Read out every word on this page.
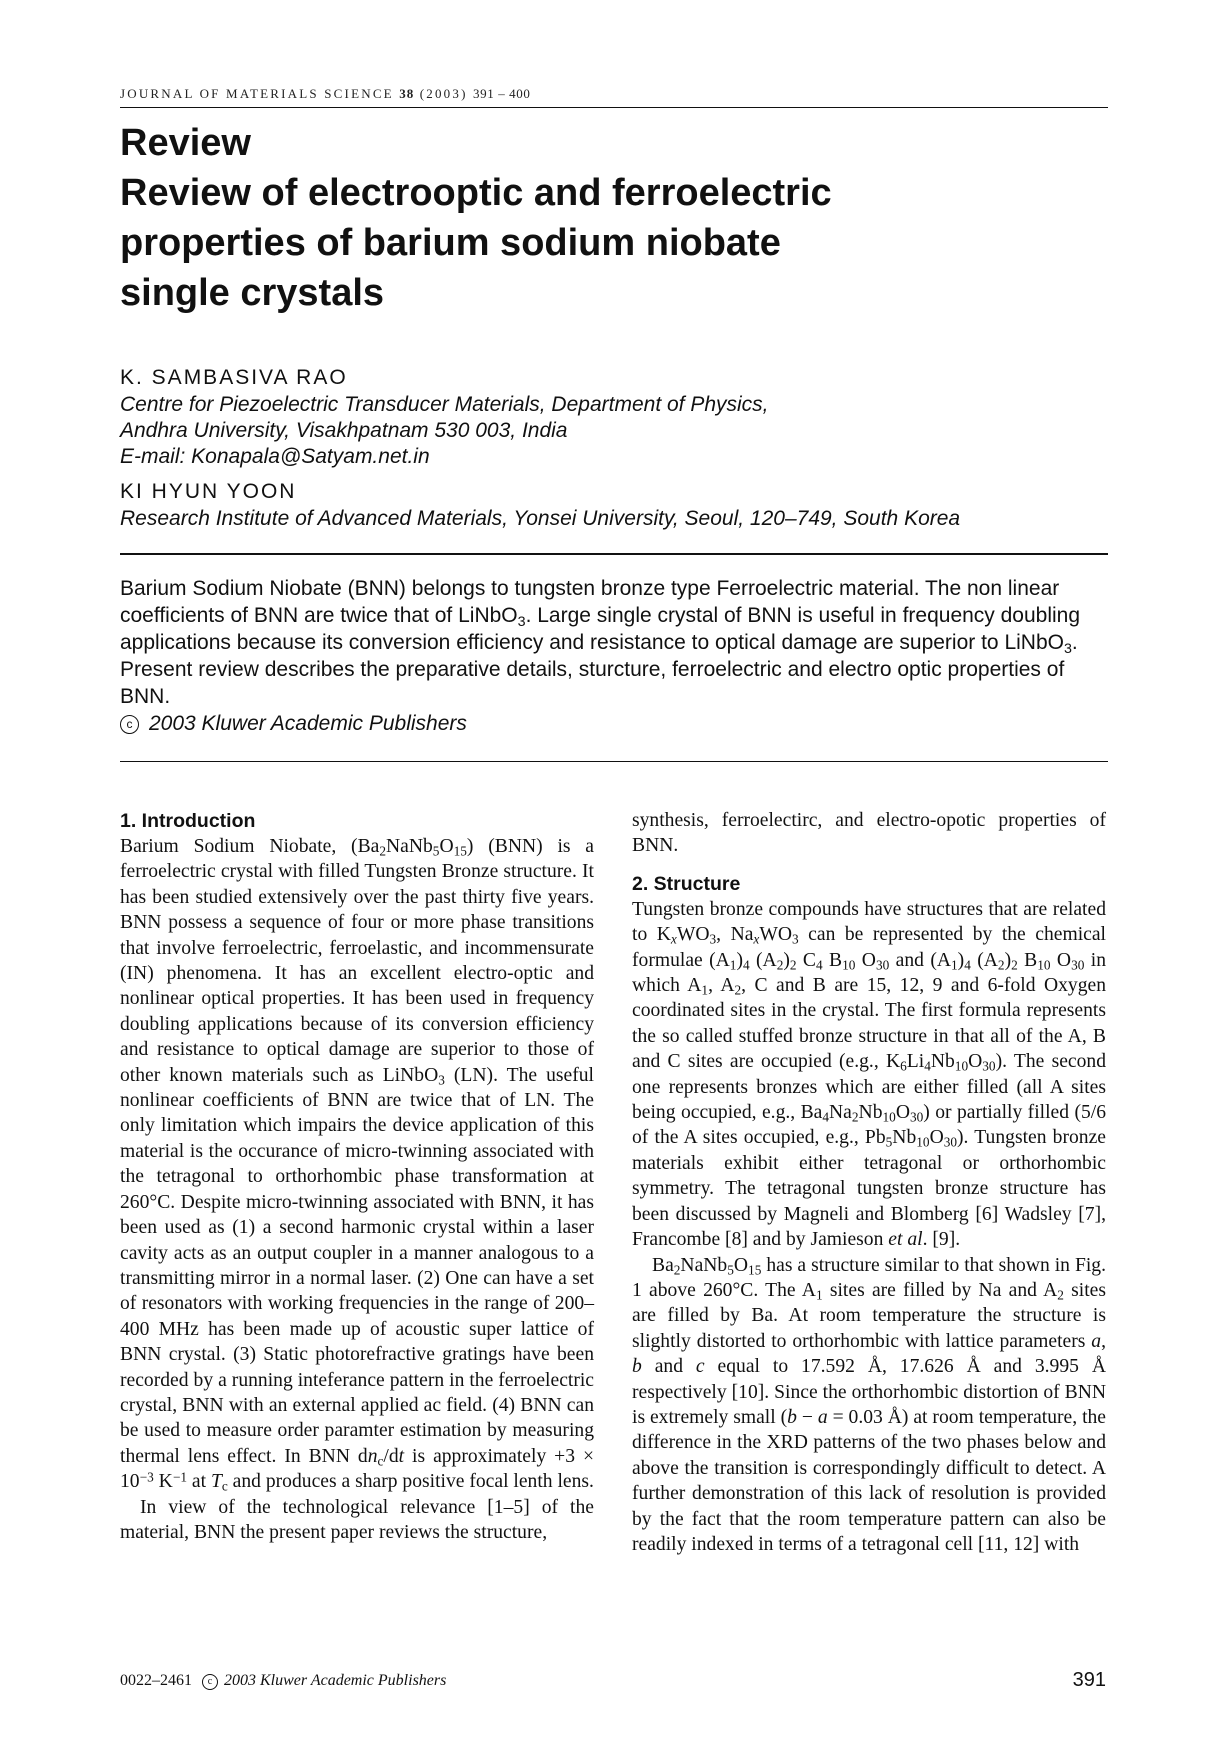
JOURNAL OF MATERIALS SCIENCE 38 (2003) 391 – 400
Review
Review of electrooptic and ferroelectric
properties of barium sodium niobate
single crystals
K. SAMBASIVA RAO
Centre for Piezoelectric Transducer Materials, Department of Physics,
Andhra University, Visakhpatnam 530 003, India
E-mail: Konapala@Satyam.net.in
KI HYUN YOON
Research Institute of Advanced Materials, Yonsei University, Seoul, 120–749, South Korea

Barium Sodium Niobate (BNN) belongs to tungsten bronze type Ferroelectric material. The non linear coefficients of BNN are twice that of LiNbO$_3$. Large single crystal of BNN is useful in frequency doubling applications because its conversion efficiency and resistance to optical damage are superior to LiNbO$_3$. Present review describes the preparative details, sturcture, ferroelectric and electro optic properties of BNN.

c 2003 Kluwer Academic Publishers

1. Introduction

Barium Sodium Niobate, $(Ba_2NaNb_5O_{15})$ (BNN) is a ferroelectric crystal with filled Tungsten Bronze structure. It has been studied extensively over the past thirty five years. BNN possess a sequence of four or more phase transitions that involve ferroelectric, ferroelastic, and incommensurate (IN) phenomena. It has an excellent electro-optic and nonlinear optical properties. It has been used in frequency doubling applications because of its conversion efficiency and resistance to optical damage are superior to those of other known materials such as LiNbO$_3$ (LN). The useful nonlinear coefficients of BNN are twice that of LN. The only limitation which impairs the device application of this material is the occurance of micro-twinning associated with the tetragonal to orthorhombic phase transformation at 260°C. Despite micro-twinning associated with BNN, it has been used as (1) a second harmonic crystal within a laser cavity acts as an output coupler in a manner analogous to a transmitting mirror in a normal laser. (2) One can have a set of resonators with working frequencies in the range of 200–400 MHz has been made up of acoustic super lattice of BNN crystal. (3) Static photorefractive gratings have been recorded by a running inteferance pattern in the ferroelectric crystal, BNN with an external applied ac field. (4) BNN can be used to measure order paramter estimation by measuring thermal lens effect. In BNN $dn_c/dt$ is approximately $+3 \times 10^{-3}$ $K^{-1}$ at $T_c$ and produces a sharp positive focal lenth lens.

In view of the technological relevance [1–5] of the material, BNN the present paper reviews the structure,

synthesis, ferroelectirc, and electro-opotic properties of BNN.

2. Structure

Tungsten bronze compounds have structures that are related to $K_xWO_3$, $Na_xWO_3$ can be represented by the chemical formulae $(A_1)_4$ $(A_2)_2$ $C_4$ $B_{10}$ $O_{30}$ and $(A_1)_4$ $(A_2)_2$ $B_{10}$ $O_{30}$ in which $A_1$, $A_2$, C and B are 15, 12, 9 and 6-fold Oxygen coordinated sites in the crystal. The first formula represents the so called stuffed bronze structure in that all of the A, B and C sites are occupied (e.g., $K_6Li_4Nb_{10}O_{30}$). The second one represents bronzes which are either filled (all A sites being occupied, e.g., $Ba_4Na_2Nb_{10}O_{30}$) or partially filled (5/6 of the A sites occupied, e.g., $Pb_5Nb_{10}O_{30}$). Tungsten bronze materials exhibit either tetragonal or orthorhombic symmetry. The tetragonal tungsten bronze structure has been discussed by Magneli and Blomberg [6] Wadsley [7], Francombe [8] and by Jamieson et al. [9].

$Ba_2NaNb_5O_{15}$ has a structure similar to that shown in Fig. 1 above 260°C. The $A_1$ sites are filled by Na and $A_2$ sites are filled by Ba. At room temperature the structure is slightly distorted to orthorhombic with lattice parameters a, b and c equal to 17.592 Å, 17.626 Å and 3.995 Å respectively [10]. Since the orthorhombic distortion of BNN is extremely small (b − a = 0.03 Å) at room temperature, the difference in the XRD patterns of the two phases below and above the transition is correspondingly difficult to detect. A further demonstration of this lack of resolution is provided by the fact that the room temperature pattern can also be readily indexed in terms of a tetragonal cell [11, 12] with

0022–2461 c 2003 Kluwer Academic Publishers	391
